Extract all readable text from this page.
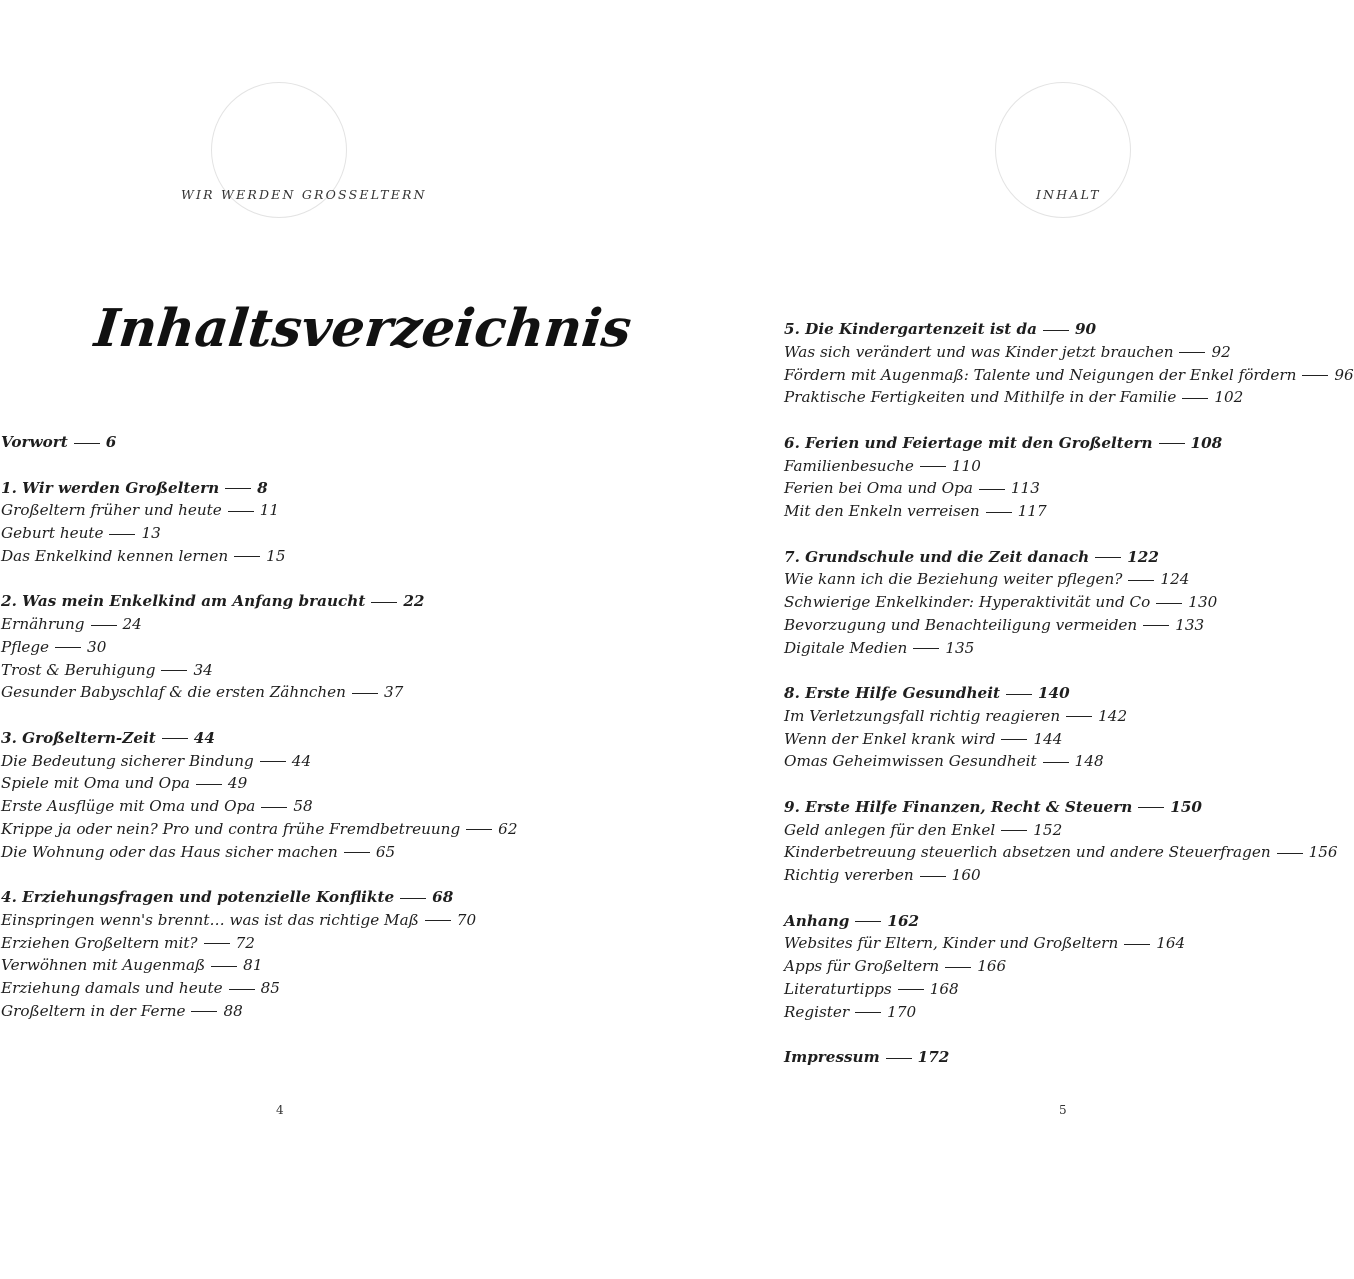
WIR WERDEN GROSSELTERN	INHALT
Inhaltsverzeichnis
Vorwort	6
1. Wir werden Großeltern	8
Großeltern früher und heute	11
Geburt heute	13
Das Enkelkind kennen lernen	15
2. Was mein Enkelkind am Anfang braucht	22
Ernährung	24
Pflege	30
Trost & Beruhigung	34
Gesunder Babyschlaf & die ersten Zähnchen	37
3. Großeltern-Zeit	44
Die Bedeutung sicherer Bindung	44
Spiele mit Oma und Opa	49
Erste Ausflüge mit Oma und Opa	58
Krippe ja oder nein? Pro und contra frühe Fremdbetreuung	62
Die Wohnung oder das Haus sicher machen	65
4. Erziehungsfragen und potenzielle Konflikte	68
Einspringen wenn's brennt… was ist das richtige Maß	70
Erziehen Großeltern mit?	72
Verwöhnen mit Augenmaß	81
Erziehung damals und heute	85
Großeltern in der Ferne	88
5. Die Kindergartenzeit ist da	90
Was sich verändert und was Kinder jetzt brauchen	92
Fördern mit Augenmaß: Talente und Neigungen der Enkel fördern	96
Praktische Fertigkeiten und Mithilfe in der Familie	102
6. Ferien und Feiertage mit den Großeltern	108
Familienbesuche	110
Ferien bei Oma und Opa	113
Mit den Enkeln verreisen	117
7. Grundschule und die Zeit danach	122
Wie kann ich die Beziehung weiter pflegen?	124
Schwierige Enkelkinder: Hyperaktivität und Co	130
Bevorzugung und Benachteiligung vermeiden	133
Digitale Medien	135
8. Erste Hilfe Gesundheit	140
Im Verletzungsfall richtig reagieren	142
Wenn der Enkel krank wird	144
Omas Geheimwissen Gesundheit	148
9. Erste Hilfe Finanzen, Recht & Steuern	150
Geld anlegen für den Enkel	152
Kinderbetreuung steuerlich absetzen und andere Steuerfragen	156
Richtig vererben	160
Anhang	162
Websites für Eltern, Kinder und Großeltern	164
Apps für Großeltern	166
Literaturtipps	168
Register	170
Impressum	172
4	5
